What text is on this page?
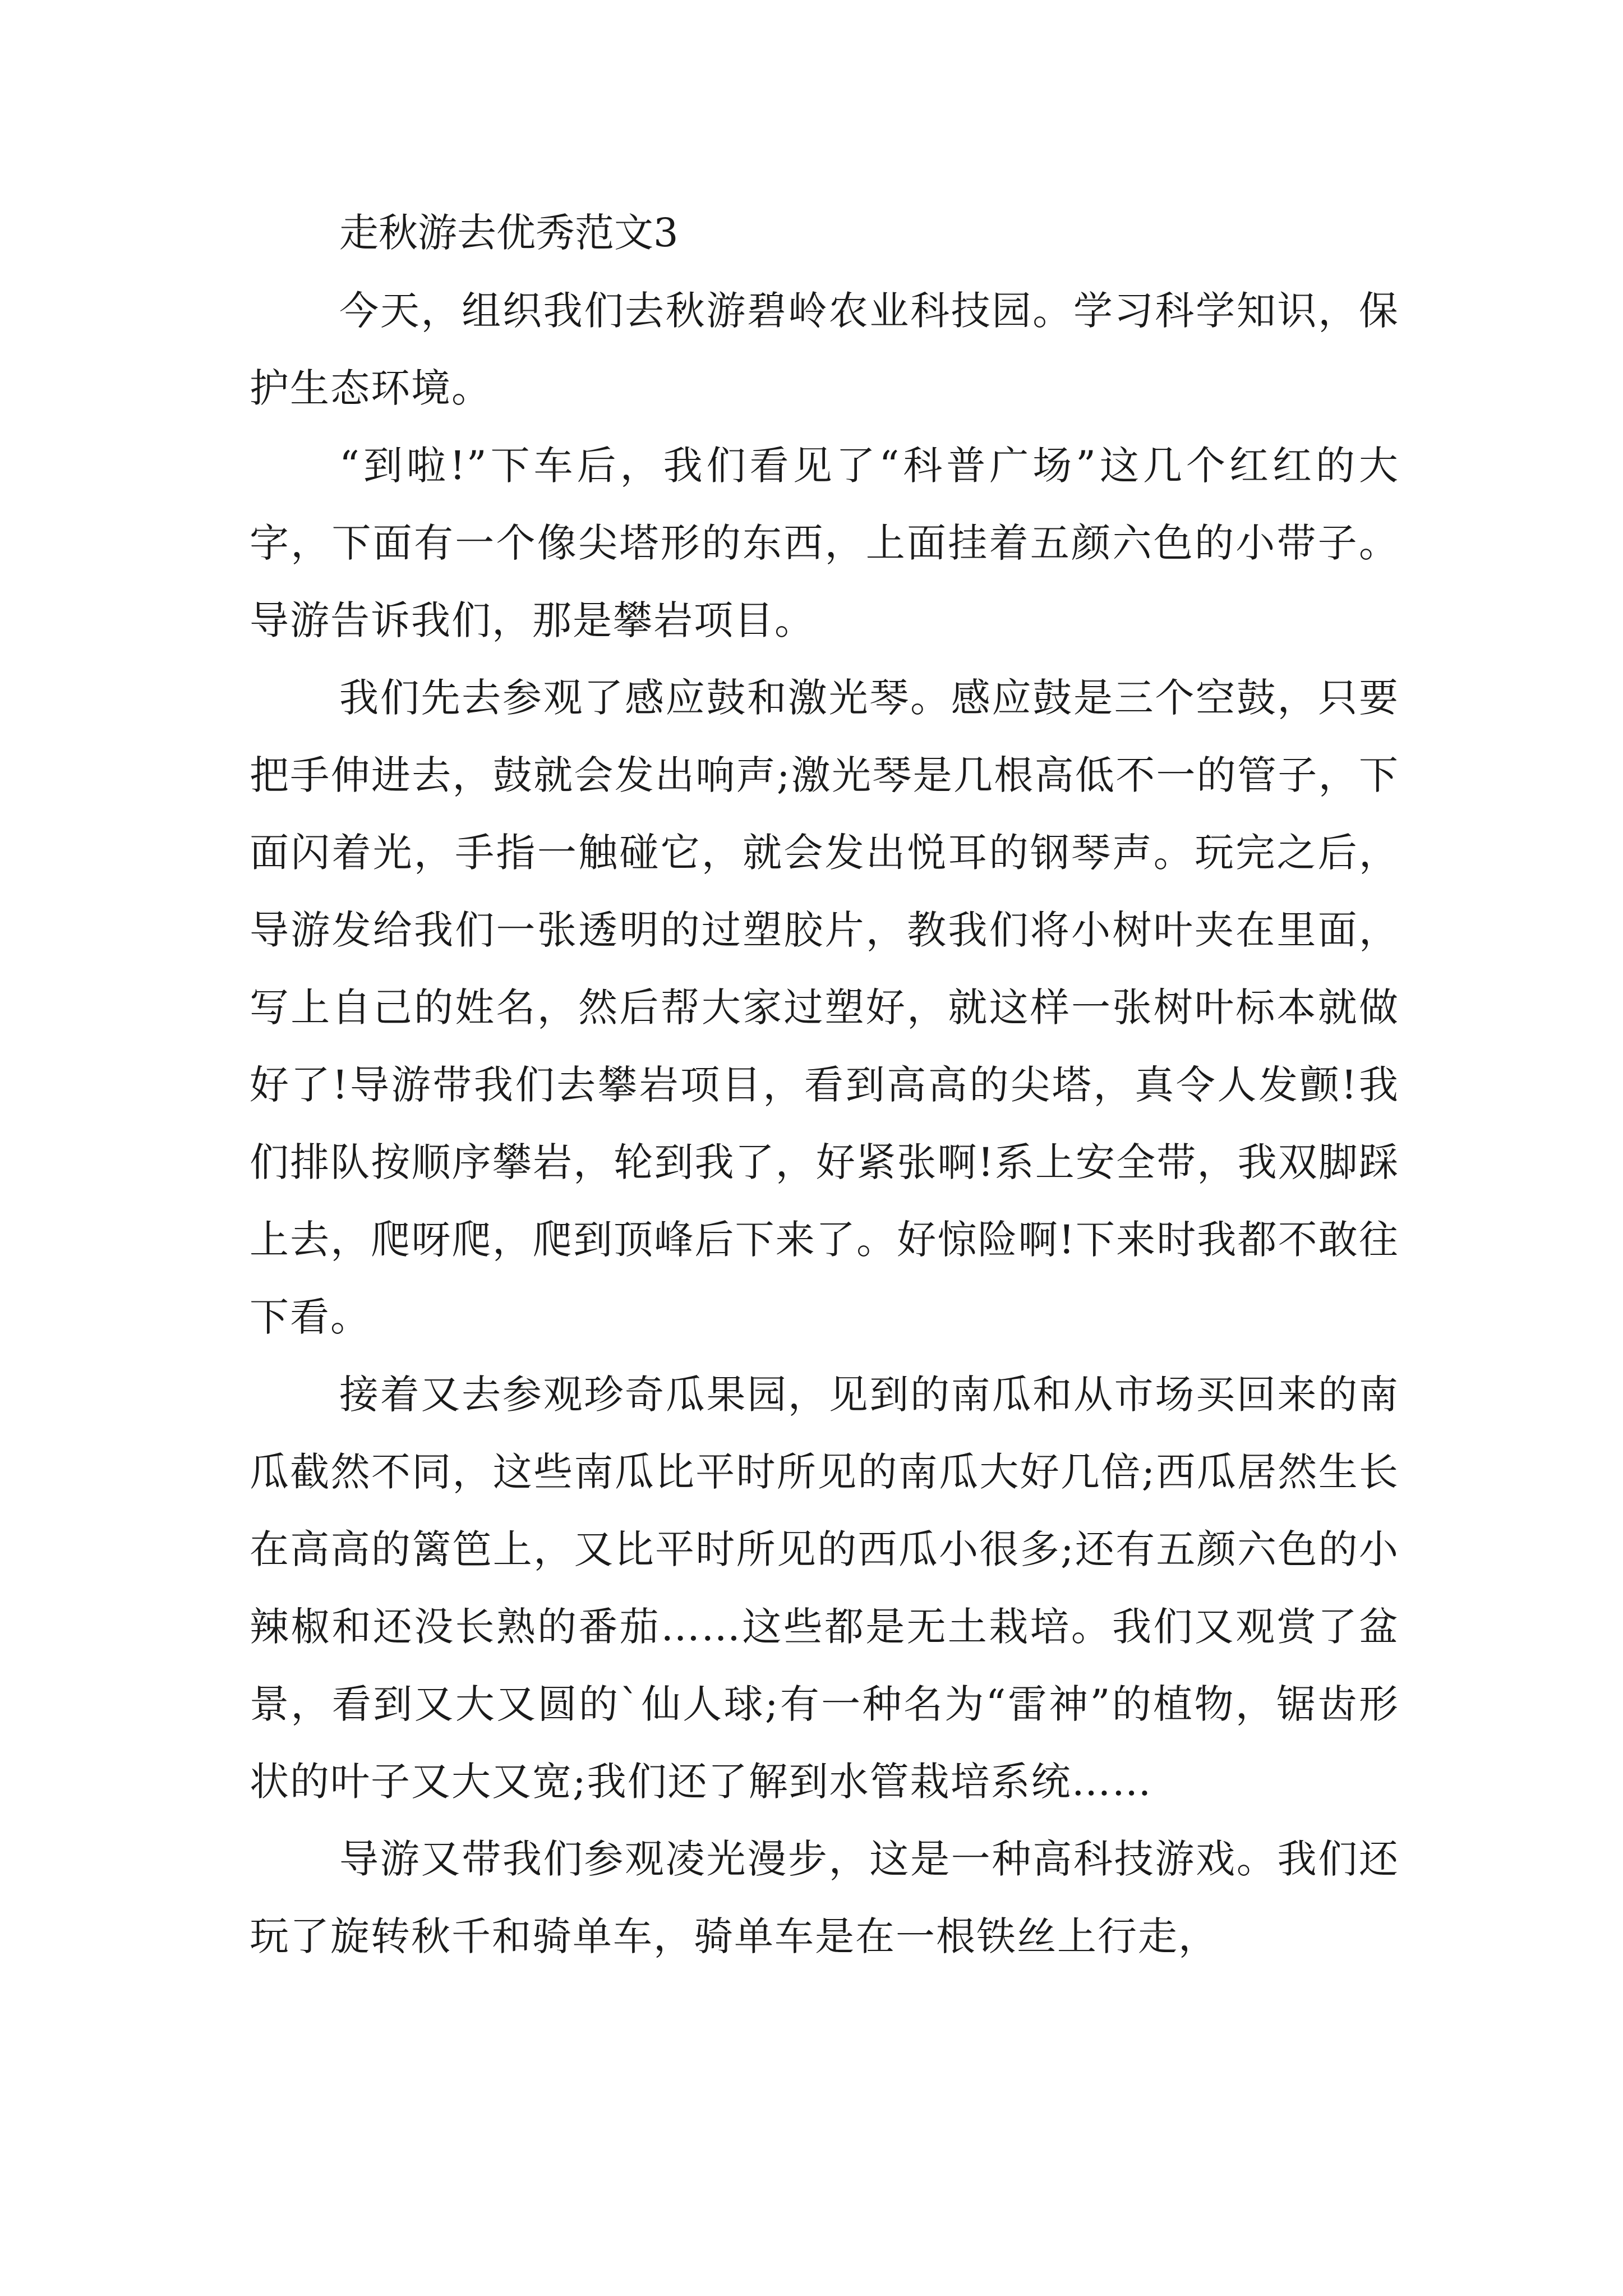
走秋游去优秀范文3

今天，组织我们去秋游碧岭农业科技园。学习科学知识，保护生态环境。

“到啦!”下车后，我们看见了“科普广场”这几个红红的大字，下面有一个像尖塔形的东西，上面挂着五颜六色的小带子。导游告诉我们，那是攀岩项目。

我们先去参观了感应鼓和激光琴。感应鼓是三个空鼓，只要把手伸进去，鼓就会发出响声;激光琴是几根高低不一的管子，下面闪着光，手指一触碰它，就会发出悦耳的钢琴声。玩完之后，导游发给我们一张透明的过塑胶片，教我们将小树叶夹在里面，写上自己的姓名，然后帮大家过塑好，就这样一张树叶标本就做好了!导游带我们去攀岩项目，看到高高的尖塔，真令人发颤!我们排队按顺序攀岩，轮到我了，好紧张啊!系上安全带，我双脚踩上去，爬呀爬，爬到顶峰后下来了。好惊险啊!下来时我都不敢往下看。

接着又去参观珍奇瓜果园，见到的南瓜和从市场买回来的南瓜截然不同，这些南瓜比平时所见的南瓜大好几倍;西瓜居然生长在高高的篱笆上，又比平时所见的西瓜小很多;还有五颜六色的小辣椒和还没长熟的番茄……这些都是无土栽培。我们又观赏了盆景，看到又大又圆的`仙人球;有一种名为“雷神”的植物，锯齿形状的叶子又大又宽;我们还了解到水管栽培系统……

导游又带我们参观凌光漫步，这是一种高科技游戏。我们还玩了旋转秋千和骑单车，骑单车是在一根铁丝上行走，
